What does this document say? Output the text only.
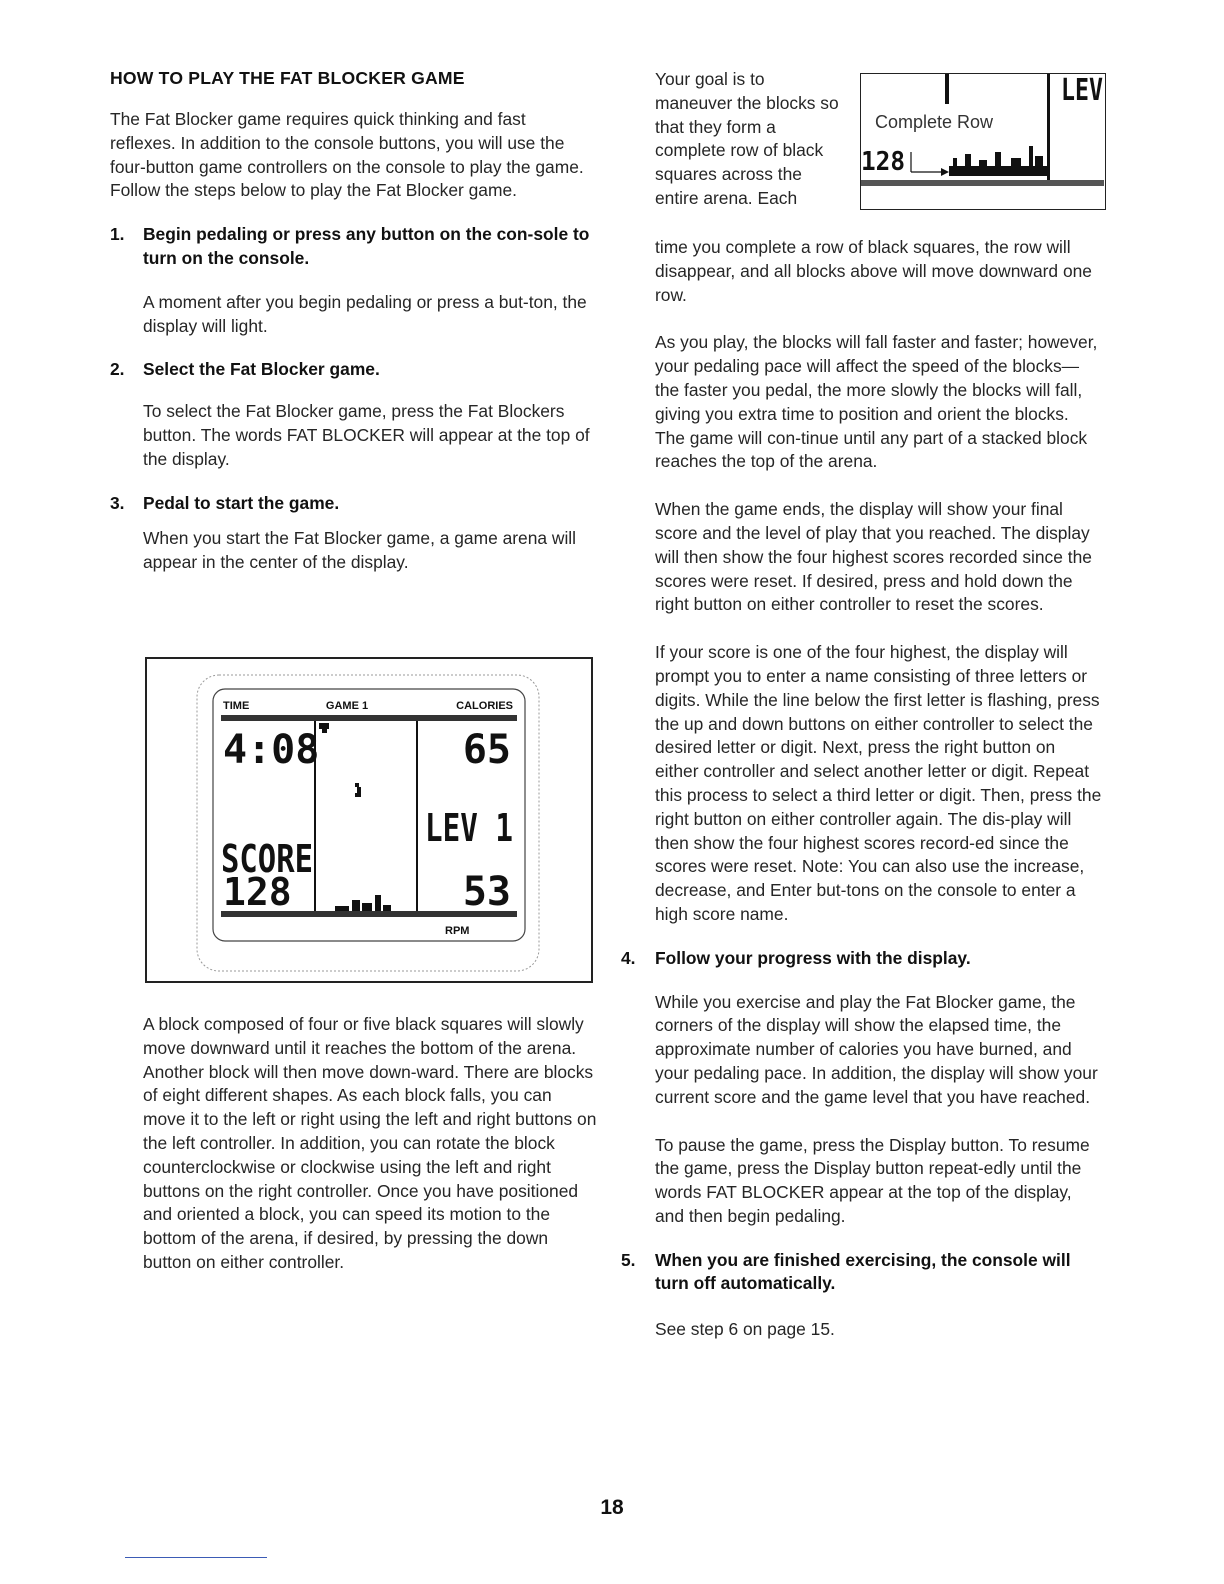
HOW TO PLAY THE FAT BLOCKER GAME

The Fat Blocker game requires quick thinking and fast reflexes. In addition to the console buttons, you will use the four-button game controllers on the console to play the game. Follow the steps below to play the Fat Blocker game.

1.	Begin pedaling or press any button on the con-sole to turn on the console.

A moment after you begin pedaling or press a but-ton, the display will light.

2.	Select the Fat Blocker game.

To select the Fat Blocker game, press the Fat Blockers button. The words FAT BLOCKER will appear at the top of the display.

3.	Pedal to start the game.

When you start the Fat Blocker game, a game arena will appear in the center of the display.

TIME	GAME 1	CALORIES
4:08	65
SCORE
128
LEV 1
53
RPM

A block composed of four or five black squares will slowly move downward until it reaches the bottom of the arena. Another block will then move down-ward. There are blocks of eight different shapes. As each block falls, you can move it to the left or right using the left and right buttons on the left controller. In addition, you can rotate the block counterclockwise or clockwise using the left and right buttons on the right controller. Once you have positioned and oriented a block, you can speed its motion to the bottom of the arena, if desired, by pressing the down button on either controller.

Your goal is to maneuver the blocks so that they form a complete row of black squares across the entire arena. Each

LEV
Complete Row
128

time you complete a row of black squares, the row will disappear, and all blocks above will move downward one row.

As you play, the blocks will fall faster and faster; however, your pedaling pace will affect the speed of the blocks—the faster you pedal, the more slowly the blocks will fall, giving you extra time to position and orient the blocks. The game will con-tinue until any part of a stacked block reaches the top of the arena.

When the game ends, the display will show your final score and the level of play that you reached. The display will then show the four highest scores recorded since the scores were reset. If desired, press and hold down the right button on either controller to reset the scores.

If your score is one of the four highest, the display will prompt you to enter a name consisting of three letters or digits. While the line below the first letter is flashing, press the up and down buttons on either controller to select the desired letter or digit. Next, press the right button on either controller and select another letter or digit. Repeat this process to select a third letter or digit. Then, press the right button on either controller again. The dis-play will then show the four highest scores record-ed since the scores were reset. Note: You can also use the increase, decrease, and Enter but-tons on the console to enter a high score name.

4.	Follow your progress with the display.

While you exercise and play the Fat Blocker game, the corners of the display will show the elapsed time, the approximate number of calories you have burned, and your pedaling pace. In addition, the display will show your current score and the game level that you have reached.

To pause the game, press the Display button. To resume the game, press the Display button repeat-edly until the words FAT BLOCKER appear at the top of the display, and then begin pedaling.

5.	When you are finished exercising, the console will turn off automatically.

See step 6 on page 15.

18
